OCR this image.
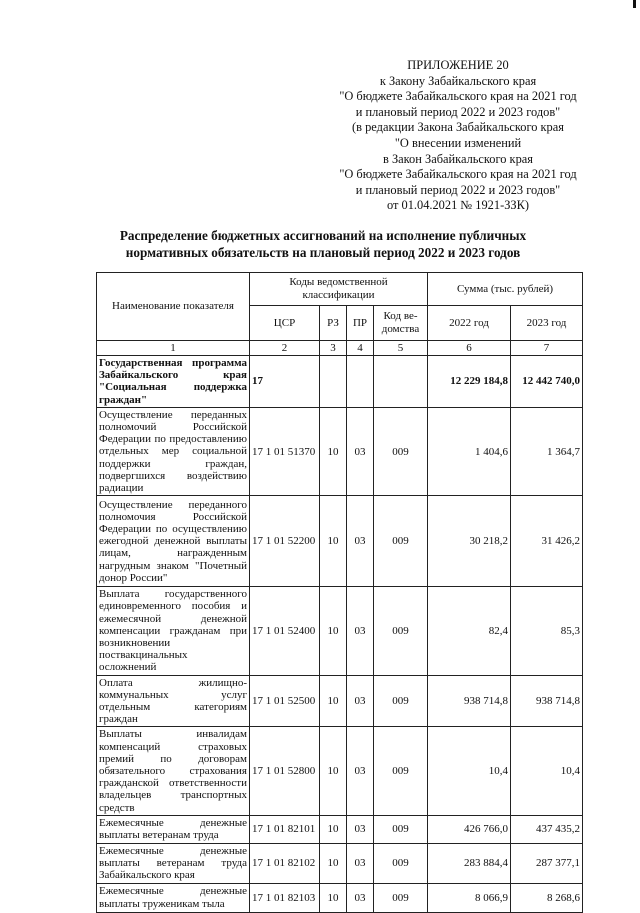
ПРИЛОЖЕНИЕ 20
к Закону Забайкальского края
"О бюджете Забайкальского края на 2021 год
и плановый период 2022 и 2023 годов"
(в редакции Закона Забайкальского края
"О внесении изменений
в Закон Забайкальского края
"О бюджете Забайкальского края на 2021 год
и плановый период 2022 и 2023 годов"
от 01.04.2021 № 1921-ЗЗК)
Распределение бюджетных ассигнований на исполнение публичных
нормативных обязательств на плановый период 2022 и 2023 годов
Наименование показателя	Коды ведомственной классификации				Сумма (тыс. рублей)	
	ЦСР	РЗ	ПР	Код ве-домства	2022 год	2023 год
1	2	3	4	5	6	7
Государственная программа Забайкальского края "Социальная поддержка граждан"	17				12 229 184,8	12 442 740,0
Осуществление переданных полномочий Российской Федерации по предоставлению отдельных мер социальной поддержки граждан, подвергшихся воздействию радиации	17 1 01 51370	10	03	009	1 404,6	1 364,7
Осуществление переданного полномочия Российской Федерации по осуществлению ежегодной денежной выплаты лицам, награжденным нагрудным знаком "Почетный донор России"	17 1 01 52200	10	03	009	30 218,2	31 426,2
Выплата государственного единовременного пособия и ежемесячной денежной компенсации гражданам при возникновении поствакцинальных осложнений	17 1 01 52400	10	03	009	82,4	85,3
Оплата жилищно-коммунальных услуг отдельным категориям граждан	17 1 01 52500	10	03	009	938 714,8	938 714,8
Выплаты инвалидам компенсаций страховых премий по договорам обязательного страхования гражданской ответственности владельцев транспортных средств	17 1 01 52800	10	03	009	10,4	10,4
Ежемесячные денежные выплаты ветеранам труда	17 1 01 82101	10	03	009	426 766,0	437 435,2
Ежемесячные денежные выплаты ветеранам труда Забайкальского края	17 1 01 82102	10	03	009	283 884,4	287 377,1
Ежемесячные денежные выплаты труженикам тыла	17 1 01 82103	10	03	009	8 066,9	8 268,6
